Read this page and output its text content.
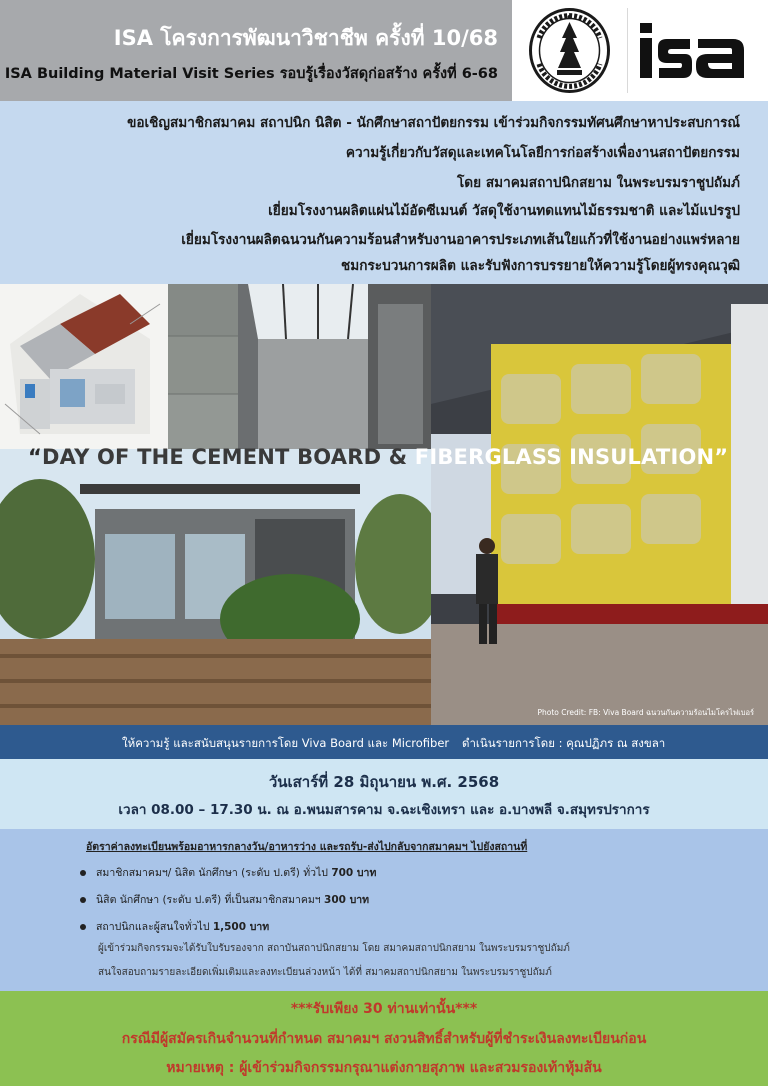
ISA โครงการพัฒนาวิชาชีพ ครั้งที่ 10/68
ISA Building Material Visit Series รอบรู้เรื่องวัสดุก่อสร้าง ครั้งที่ 6-68
ขอเชิญสมาชิกสมาคม สถาปนิก นิสิต - นักศึกษาสถาปัตยกรรม เข้าร่วมกิจกรรมทัศนศึกษาหาประสบการณ์
ความรู้เกี่ยวกับวัสดุและเทคโนโลยีการก่อสร้างเพื่องานสถาปัตยกรรม
โดย สมาคมสถาปนิกสยาม ในพระบรมราชูปถัมภ์
เยี่ยมโรงงานผลิตแผ่นไม้อัดซีเมนต์ วัสดุใช้งานทดแทนไม้ธรรมชาติ และไม้แปรรูป
เยี่ยมโรงงานผลิตฉนวนกันความร้อนสำหรับงานอาคารประเภทเส้นใยแก้วที่ใช้งานอย่างแพร่หลาย
ชมกระบวนการผลิต และรับฟังการบรรยายให้ความรู้โดยผู้ทรงคุณวุฒิ
“DAY OF THE CEMENT BOARD & FIBERGLASS INSULATION”
Photo Credit: FB: Viva Board ฉนวนกันความร้อนไมโครไฟเบอร์
ให้ความรู้ และสนับสนุนรายการโดย Viva Board และ Microfiber ดำเนินรายการโดย : คุณปฏิภร ณ สงขลา
วันเสาร์ที่ 28 มิถุนายน พ.ศ. 2568
เวลา 08.00 – 17.30 น. ณ อ.พนมสารคาม จ.ฉะเชิงเทรา และ อ.บางพลี จ.สมุทรปราการ
อัตราค่าลงทะเบียนพร้อมอาหารกลางวัน/อาหารว่าง และรถรับ-ส่งไปกลับจากสมาคมฯ ไปยังสถานที่
สมาชิกสมาคมฯ/ นิสิต นักศึกษา (ระดับ ป.ตรี) ทั่วไป 700 บาท
นิสิต นักศึกษา (ระดับ ป.ตรี) ที่เป็นสมาชิกสมาคมฯ 300 บาท
สถาปนิกและผู้สนใจทั่วไป 1,500 บาท
ผู้เข้าร่วมกิจกรรมจะได้รับใบรับรองจาก สถาบันสถาปนิกสยาม โดย สมาคมสถาปนิกสยาม ในพระบรมราชูปถัมภ์
สนใจสอบถามรายละเอียดเพิ่มเติมและลงทะเบียนล่วงหน้า ได้ที่ สมาคมสถาปนิกสยาม ในพระบรมราชูปถัมภ์
***รับเพียง 30 ท่านเท่านั้น***
กรณีมีผู้สมัครเกินจำนวนที่กำหนด สมาคมฯ สงวนสิทธิ์สำหรับผู้ที่ชำระเงินลงทะเบียนก่อน
หมายเหตุ : ผู้เข้าร่วมกิจกรรมกรุณาแต่งกายสุภาพ และสวมรองเท้าหุ้มส้น
